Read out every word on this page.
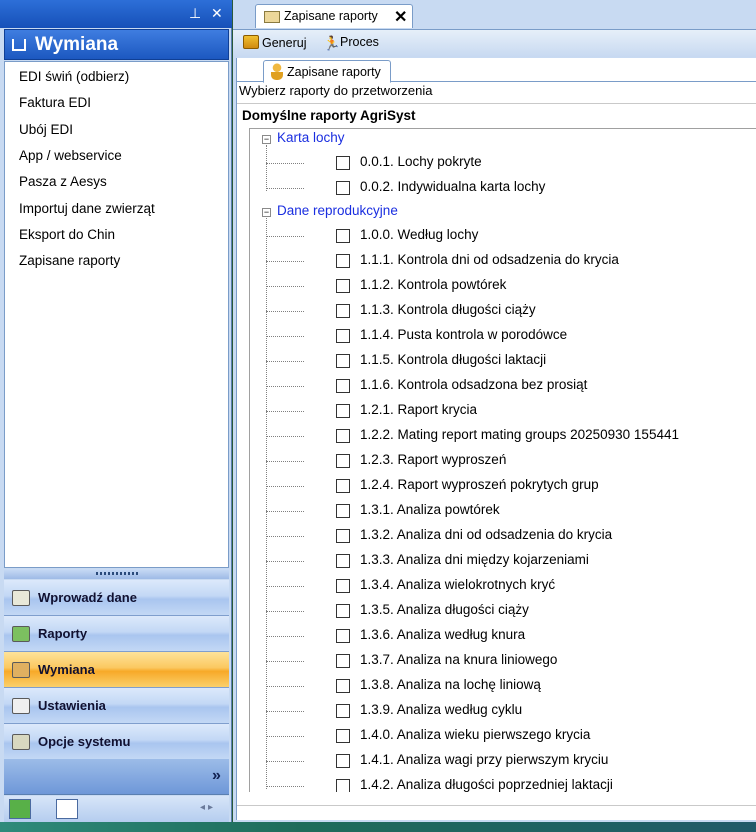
⊥ ✕
Wymiana
EDI świń (odbierz)
Faktura EDI
Ubój EDI
App / webservice
Pasza z Aesys
Importuj dane zwierząt
Eksport do Chin
Zapisane raporty
Wprowadź dane
Raporty
Wymiana
Ustawienia
Opcje systemu
»
◂▸
Zapisane raporty ✕
Generuj 🏃Proces
Zapisane raporty
Wybierz raporty do przetworzenia
Domyślne raporty AgriSyst
− Karta lochy
0.0.1. Lochy pokryte
0.0.2. Indywidualna karta lochy
− Dane reprodukcyjne
1.0.0. Według lochy
1.1.1. Kontrola dni od odsadzenia do krycia
1.1.2. Kontrola powtórek
1.1.3. Kontrola długości ciąży
1.1.4. Pusta kontrola w porodówce
1.1.5. Kontrola długości laktacji
1.1.6. Kontrola odsadzona bez prosiąt
1.2.1. Raport krycia
1.2.2. Mating report mating groups 20250930 155441
1.2.3. Raport wyproszeń
1.2.4. Raport wyproszeń pokrytych grup
1.3.1. Analiza powtórek
1.3.2. Analiza dni od odsadzenia do krycia
1.3.3. Analiza dni między kojarzeniami
1.3.4. Analiza wielokrotnych kryć
1.3.5. Analiza długości ciąży
1.3.6. Analiza według knura
1.3.7. Analiza na knura liniowego
1.3.8. Analiza na lochę liniową
1.3.9. Analiza według cyklu
1.4.0. Analiza wieku pierwszego krycia
1.4.1. Analiza wagi przy pierwszym kryciu
1.4.2. Analiza długości poprzedniej laktacji
